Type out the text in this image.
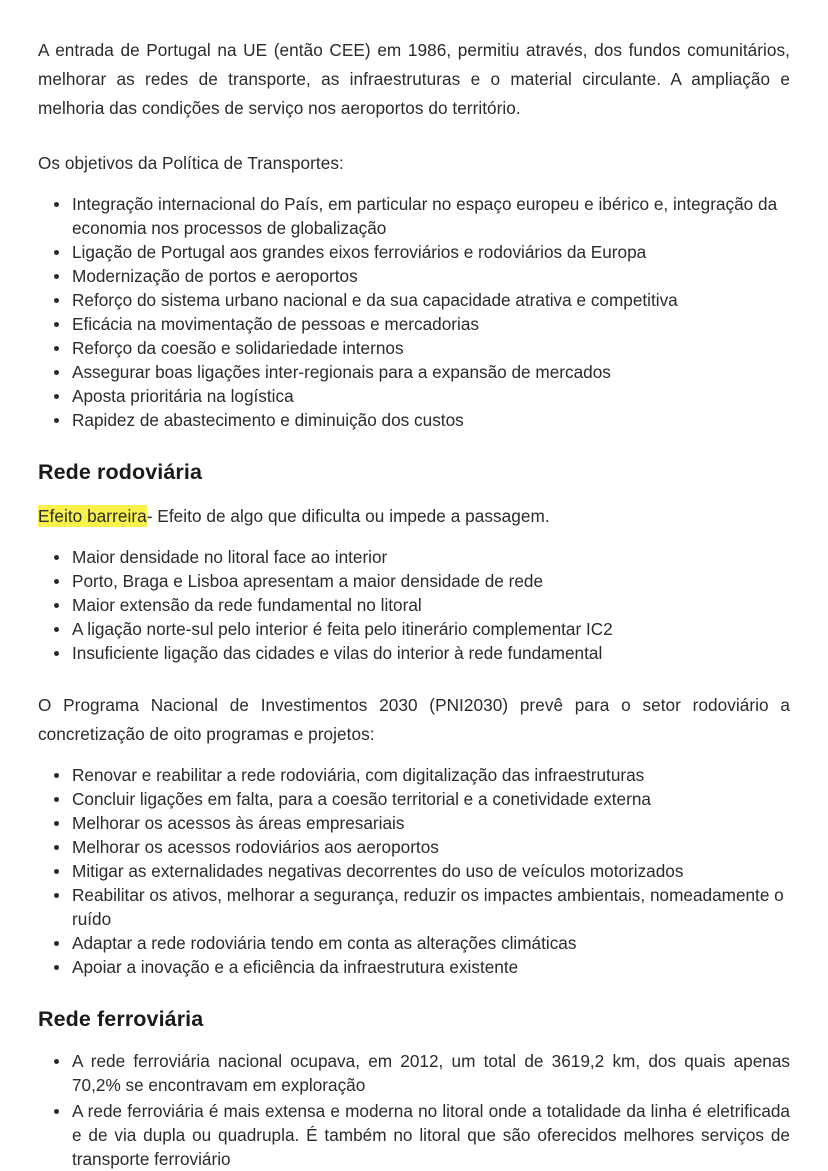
A entrada de Portugal na UE (então CEE) em 1986, permitiu através, dos fundos comunitários, melhorar as redes de transporte, as infraestruturas e o material circulante. A ampliação e melhoria das condições de serviço nos aeroportos do território.

Os objetivos da Política de Transportes:

Integração internacional do País, em particular no espaço europeu e ibérico e, integração da economia nos processos de globalização
Ligação de Portugal aos grandes eixos ferroviários e rodoviários da Europa
Modernização de portos e aeroportos
Reforço do sistema urbano nacional e da sua capacidade atrativa e competitiva
Eficácia na movimentação de pessoas e mercadorias
Reforço da coesão e solidariedade internos
Assegurar boas ligações inter-regionais para a expansão de mercados
Aposta prioritária na logística
Rapidez de abastecimento e diminuição dos custos
Rede rodoviária

Efeito barreira- Efeito de algo que dificulta ou impede a passagem.

Maior densidade no litoral face ao interior
Porto, Braga e Lisboa apresentam a maior densidade de rede
Maior extensão da rede fundamental no litoral
A ligação norte-sul pelo interior é feita pelo itinerário complementar IC2
Insuficiente ligação das cidades e vilas do interior à rede fundamental

O Programa Nacional de Investimentos 2030 (PNI2030) prevê para o setor rodoviário a concretização de oito programas e projetos:

Renovar e reabilitar a rede rodoviária, com digitalização das infraestruturas
Concluir ligações em falta, para a coesão territorial e a conetividade externa
Melhorar os acessos às áreas empresariais
Melhorar os acessos rodoviários aos aeroportos
Mitigar as externalidades negativas decorrentes do uso de veículos motorizados
Reabilitar os ativos, melhorar a segurança, reduzir os impactes ambientais, nomeadamente o ruído
Adaptar a rede rodoviária tendo em conta as alterações climáticas
Apoiar a inovação e a eficiência da infraestrutura existente
Rede ferroviária
A rede ferroviária nacional ocupava, em 2012, um total de 3619,2 km, dos quais apenas 70,2% se encontravam em exploração
A rede ferroviária é mais extensa e moderna no litoral onde a totalidade da linha é eletrificada e de via dupla ou quadrupla. É também no litoral que são oferecidos melhores serviços de transporte ferroviário
